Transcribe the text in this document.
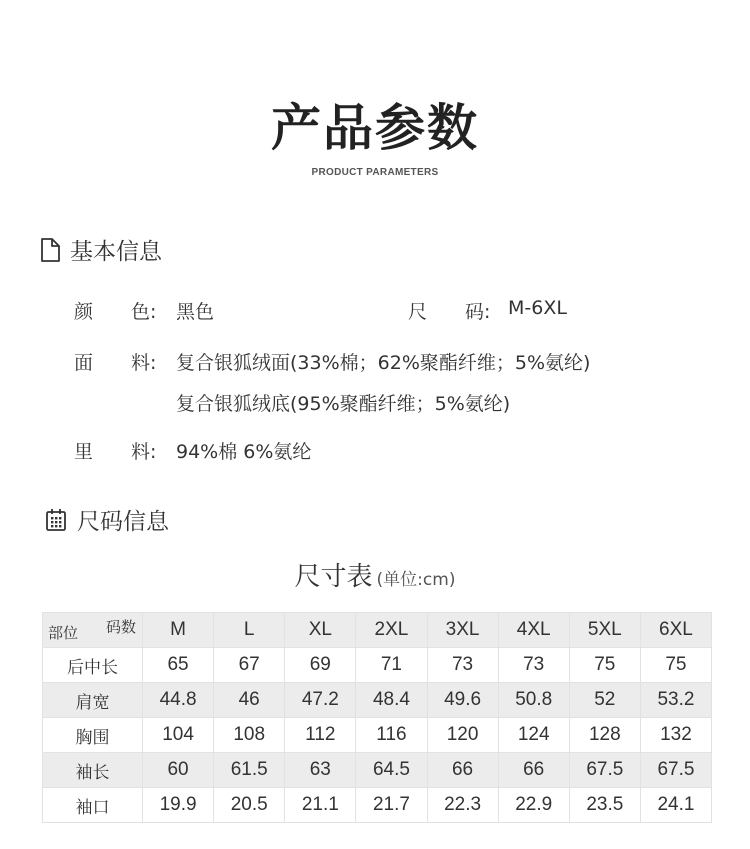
产品参数
PRODUCT PARAMETERS
基本信息
颜　　色: 黑色	尺　　码: M-6XL
面　　料: 复合银狐绒面(33%棉；62%聚酯纤维；5%氨纶)
复合银狐绒底(95%聚酯纤维；5%氨纶)
里　　料: 94%棉 6%氨纶
尺码信息
尺寸表 (单位:cm)
码数
部位	M	L	XL	2XL	3XL	4XL	5XL	6XL
后中长	65	67	69	71	73	73	75	75
肩宽	44.8	46	47.2	48.4	49.6	50.8	52	53.2
胸围	104	108	112	116	120	124	128	132
袖长	60	61.5	63	64.5	66	66	67.5	67.5
袖口	19.9	20.5	21.1	21.7	22.3	22.9	23.5	24.1
